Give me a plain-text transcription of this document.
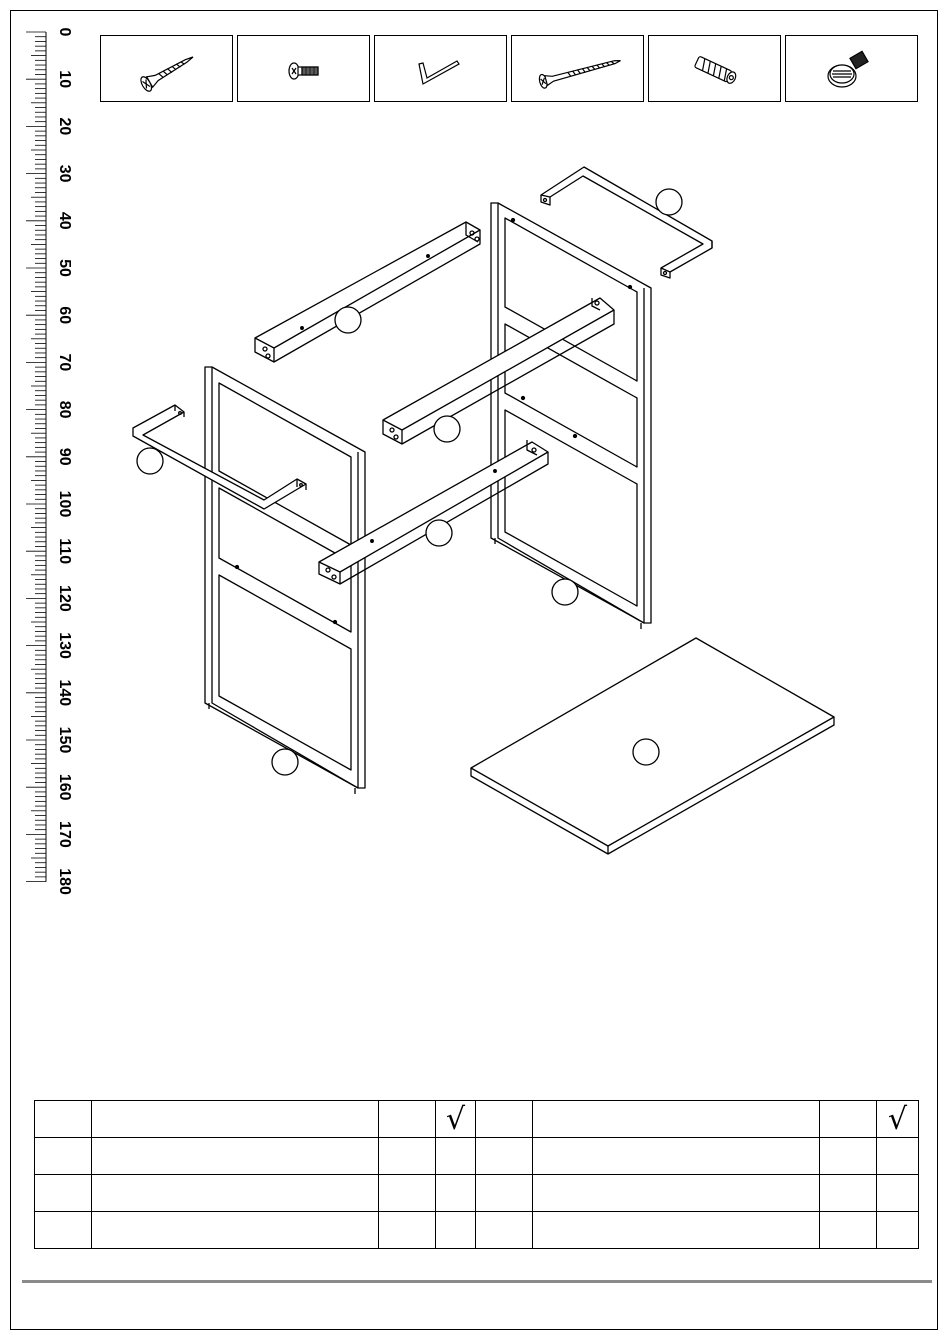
0
10
20
30
40
50
60
70
80
90
100
110
120
130
140
150
160
170
180
			√				√
